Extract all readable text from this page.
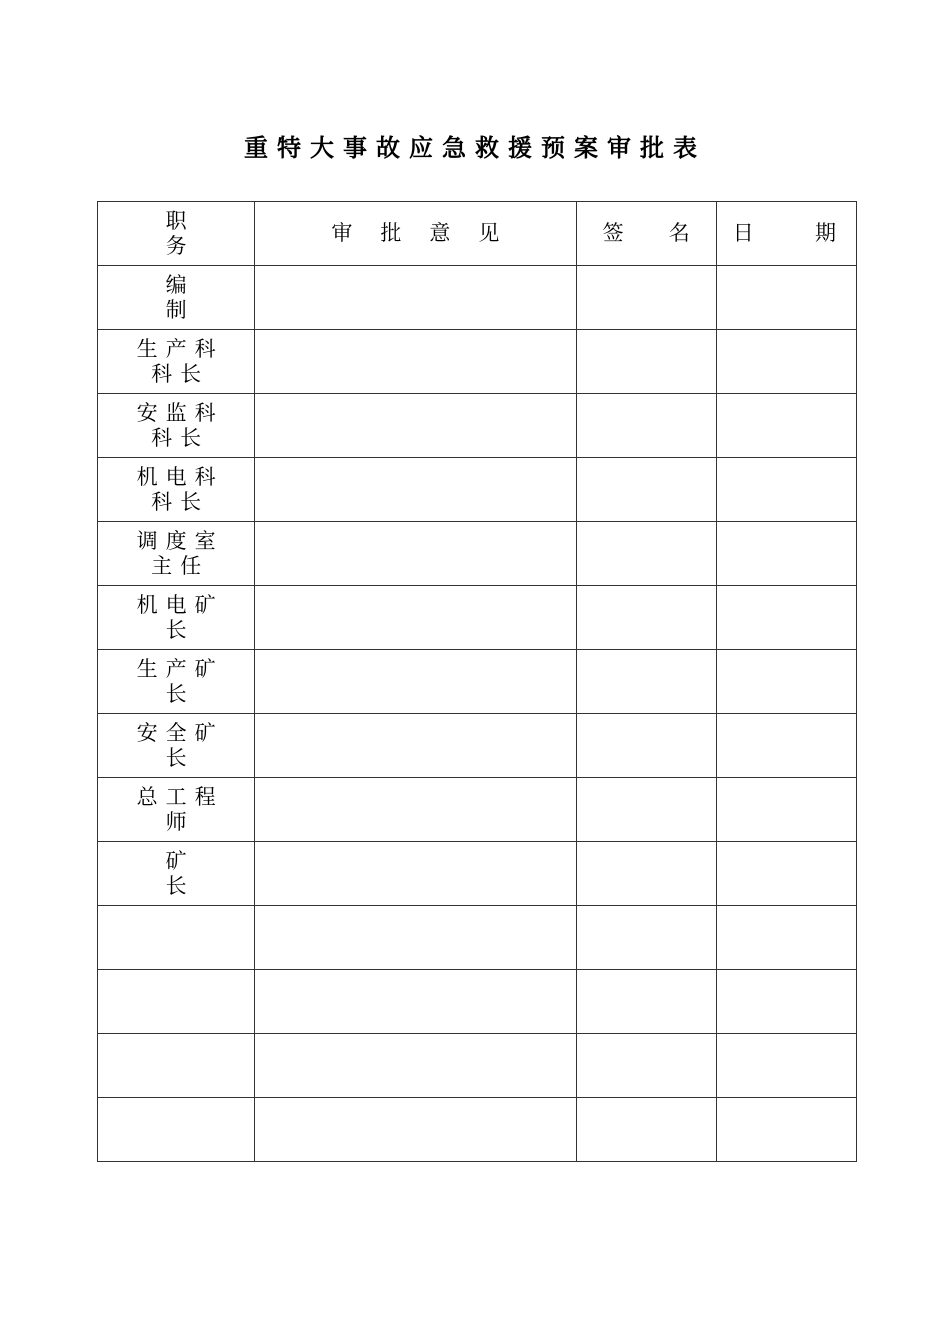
重特大事故应急救援预案审批表
职
务	审批意见	签 名	日 期

编
制			

生产科
科长			

安监科
科长			

机电科
科长			

调度室
主任			

机电矿
长			

生产矿
长			

安全矿
长			

总工程
师			

矿
长			
